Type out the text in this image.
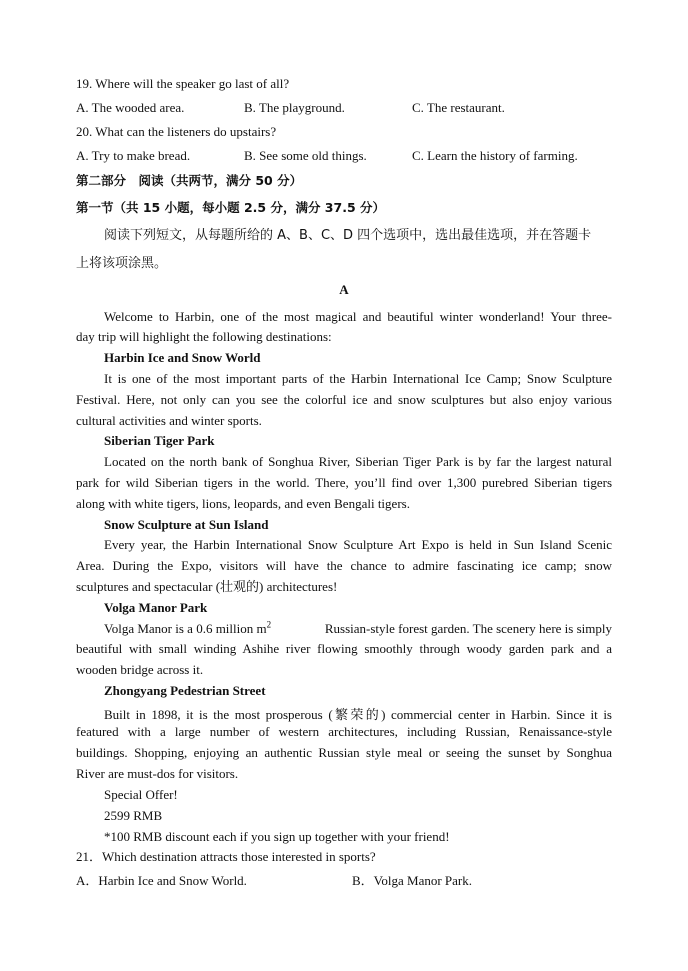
19. Where will the speaker go last of all?
A. The wooded area.	B. The playground.	C. The restaurant.
20. What can the listeners do upstairs?
A. Try to make bread.	B. See some old things.	C. Learn the history of farming.
第二部分　阅读（共两节，满分 50 分）
第一节（共 15 小题，每小题 2.5 分，满分 37.5 分）
阅读下列短文，从每题所给的 A、B、C、D 四个选项中，选出最佳选项，并在答题卡
上将该项涂黑。
A
Welcome to Harbin, one of the most magical and beautiful winter wonderland! Your three-
day trip will highlight the following destinations:
Harbin Ice and Snow World
It is one of the most important parts of the Harbin International Ice Camp; Snow Sculpture
Festival. Here, not only can you see the colorful ice and snow sculptures but also enjoy various
cultural activities and winter sports.
Siberian Tiger Park
Located on the north bank of Songhua River, Siberian Tiger Park is by far the largest natural
park for wild Siberian tigers in the world. There, you’ll find over 1,300 purebred Siberian tigers
along with white tigers, lions, leopards, and even Bengali tigers.
Snow Sculpture at Sun Island
Every year, the Harbin International Snow Sculpture Art Expo is held in Sun Island Scenic
Area. During the Expo, visitors will have the chance to admire fascinating ice camp; snow
sculptures and spectacular (壮观的) architectures!
Volga Manor Park
Volga Manor is a 0.6 million $m^2$	Russian-style forest garden. The scenery here is simply
beautiful with small winding Ashihe river flowing smoothly through woody garden park and a
wooden bridge across it.
Zhongyang Pedestrian Street
Built in 1898, it is the most prosperous (繁荣的) commercial center in Harbin. Since it is
featured with a large number of western architectures, including Russian, Renaissance-style
buildings. Shopping, enjoying an authentic Russian style meal or seeing the sunset by Songhua
River are must-dos for visitors.
Special Offer!
2599 RMB
*100 RMB discount each if you sign up together with your friend!
21．Which destination attracts those interested in sports?
A．Harbin Ice and Snow World.	B．Volga Manor Park.
